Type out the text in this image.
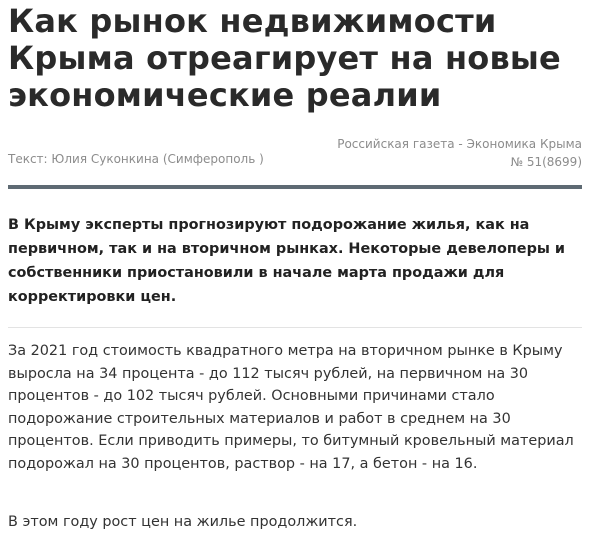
Как рынок недвижимости Крыма отреагирует на новые экономические реалии
Российская газета - Экономика Крыма
№ 51(8699)
Текст: Юлия Суконкина (Симферополь )

В Крыму эксперты прогнозируют подорожание жилья, как на первичном, так и на вторичном рынках. Некоторые девелоперы и собственники приостановили в начале марта продажи для корректировки цен.

За 2021 год стоимость квадратного метра на вторичном рынке в Крыму выросла на 34 процента - до 112 тысяч рублей, на первичном на 30 процентов - до 102 тысяч рублей. Основными причинами стало подорожание строительных материалов и работ в среднем на 30 процентов. Если приводить примеры, то битумный кровельный материал подорожал на 30 процентов, раствор - на 17, а бетон - на 16.

В этом году рост цен на жилье продолжится.
